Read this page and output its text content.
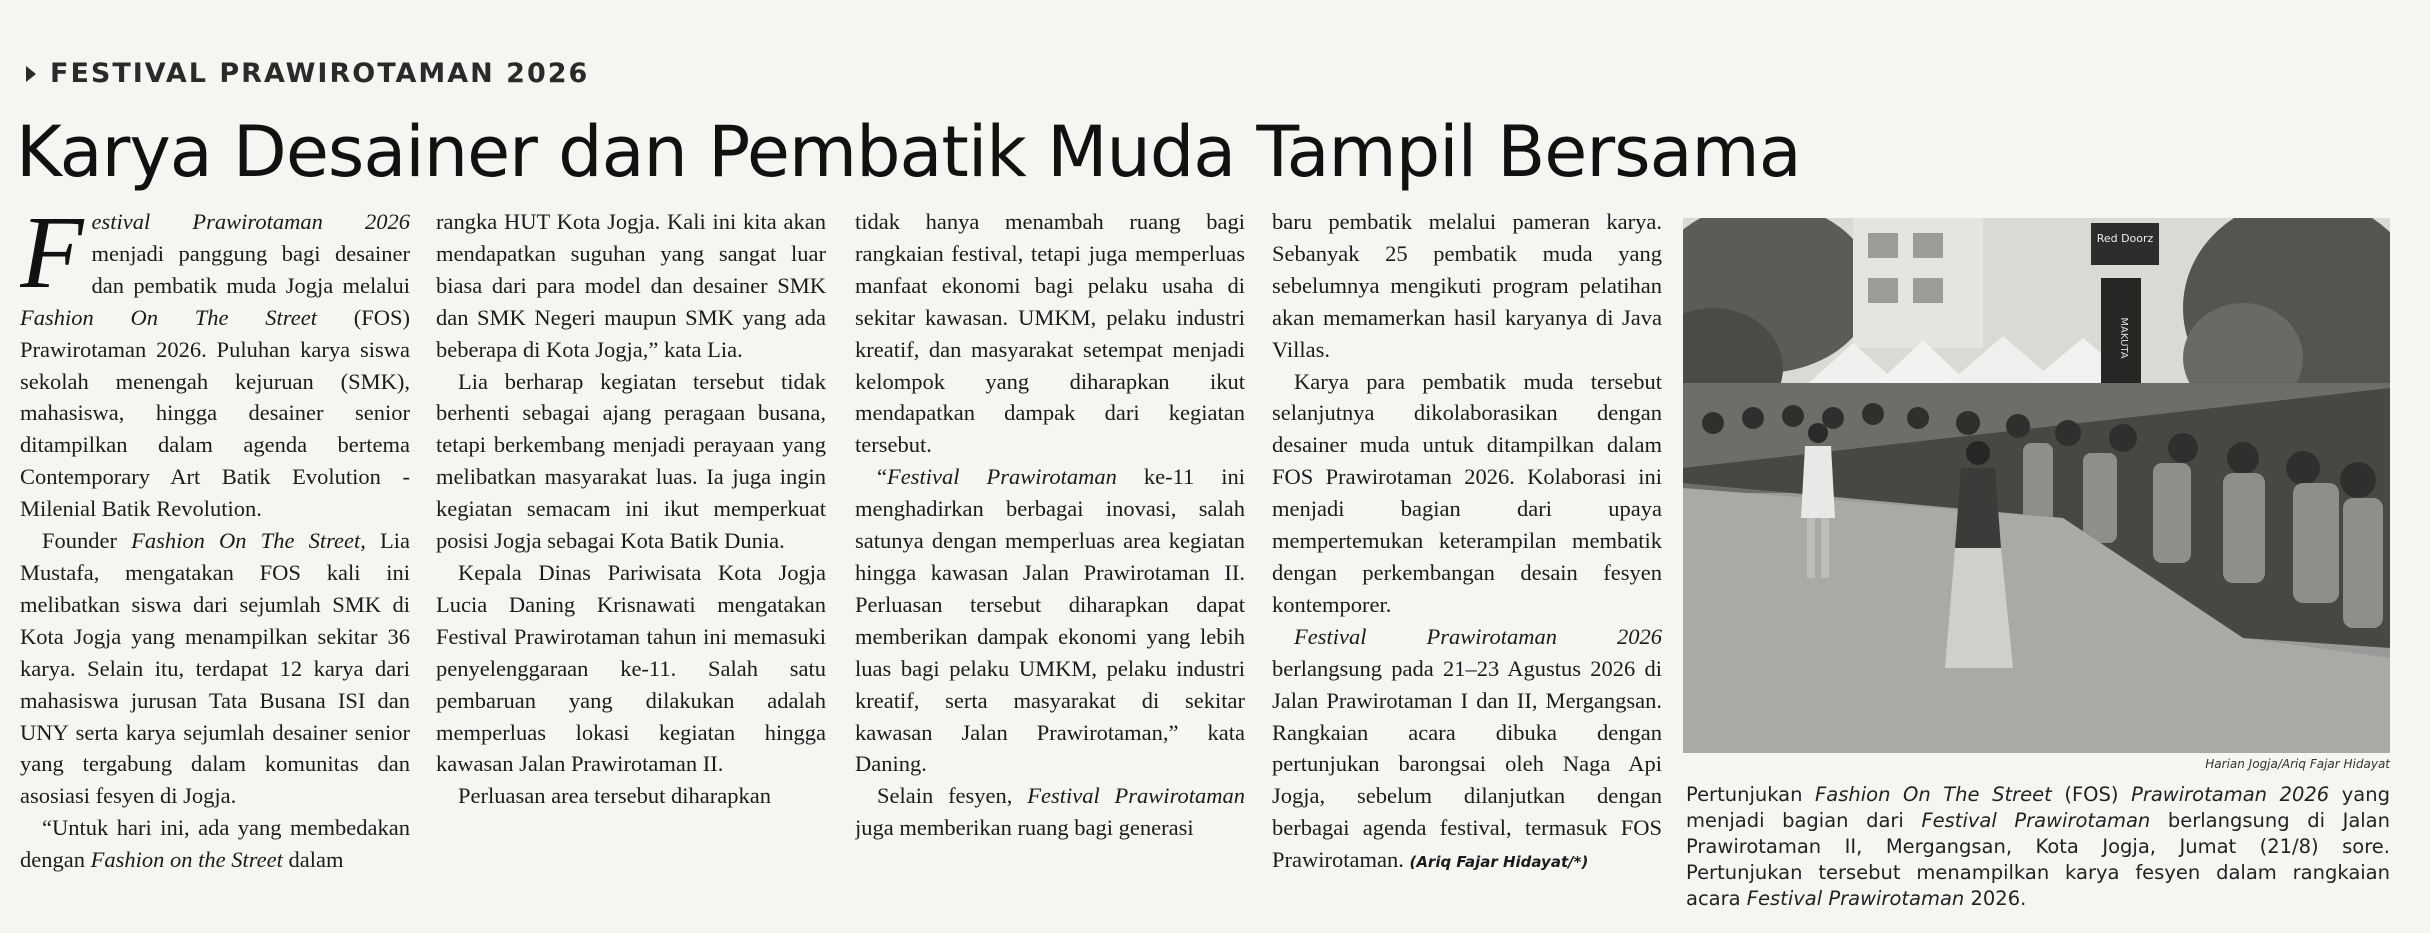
FESTIVAL PRAWIROTAMAN 2026
Karya Desainer dan Pembatik Muda Tampil Bersama

Festival Prawirotaman 2026 menjadi panggung bagi desainer dan pembatik muda Jogja melalui Fashion On The Street (FOS) Prawirotaman 2026. Puluhan karya siswa sekolah menengah kejuruan (SMK), mahasiswa, hingga desainer senior ditampilkan dalam agenda bertema Contemporary Art Batik Evolution - Milenial Batik Revolution.

Founder Fashion On The Street, Lia Mustafa, mengatakan FOS kali ini melibatkan siswa dari sejumlah SMK di Kota Jogja yang menampilkan sekitar 36 karya. Selain itu, terdapat 12 karya dari mahasiswa jurusan Tata Busana ISI dan UNY serta karya sejumlah desainer senior yang tergabung dalam komunitas dan asosiasi fesyen di Jogja.

“Untuk hari ini, ada yang membedakan dengan Fashion on the Street dalam

rangka HUT Kota Jogja. Kali ini kita akan mendapatkan suguhan yang sangat luar biasa dari para model dan desainer SMK dan SMK Negeri maupun SMK yang ada beberapa di Kota Jogja,” kata Lia.

Lia berharap kegiatan tersebut tidak berhenti sebagai ajang peragaan busana, tetapi berkembang menjadi perayaan yang melibatkan masyarakat luas. Ia juga ingin kegiatan semacam ini ikut memperkuat posisi Jogja sebagai Kota Batik Dunia.

Kepala Dinas Pariwisata Kota Jogja Lucia Daning Krisnawati mengatakan Festival Prawirotaman tahun ini memasuki penyelenggaraan ke-11. Salah satu pembaruan yang dilakukan adalah memperluas lokasi kegiatan hingga kawasan Jalan Prawirotaman II.

Perluasan area tersebut diharapkan

tidak hanya menambah ruang bagi rangkaian festival, tetapi juga memperluas manfaat ekonomi bagi pelaku usaha di sekitar kawasan. UMKM, pelaku industri kreatif, dan masyarakat setempat menjadi kelompok yang diharapkan ikut mendapatkan dampak dari kegiatan tersebut.

“Festival Prawirotaman ke-11 ini menghadirkan berbagai inovasi, salah satunya dengan memperluas area kegiatan hingga kawasan Jalan Prawirotaman II. Perluasan tersebut diharapkan dapat memberikan dampak ekonomi yang lebih luas bagi pelaku UMKM, pelaku industri kreatif, serta masyarakat di sekitar kawasan Jalan Prawirotaman,” kata Daning.

Selain fesyen, Festival Prawirotaman juga memberikan ruang bagi generasi

baru pembatik melalui pameran karya. Sebanyak 25 pembatik muda yang sebelumnya mengikuti program pelatihan akan memamerkan hasil karyanya di Java Villas.

Karya para pembatik muda tersebut selanjutnya dikolaborasikan dengan desainer muda untuk ditampilkan dalam FOS Prawirotaman 2026. Kolaborasi ini menjadi bagian dari upaya mempertemukan keterampilan membatik dengan perkembangan desain fesyen kontemporer.

Festival Prawirotaman 2026 berlangsung pada 21–23 Agustus 2026 di Jalan Prawirotaman I dan II, Mergangsan. Rangkaian acara dibuka dengan pertunjukan barongsai oleh Naga Api Jogja, sebelum dilanjutkan dengan berbagai agenda festival, termasuk FOS Prawirotaman. (Ariq Fajar Hidayat/*)

Red Doorz
MAKUTA
Harian Jogja/Ariq Fajar Hidayat

Pertunjukan Fashion On The Street (FOS) Prawirotaman 2026 yang menjadi bagian dari Festival Prawirotaman berlangsung di Jalan Prawirotaman II, Mergangsan, Kota Jogja, Jumat (21/8) sore. Pertunjukan tersebut menampilkan karya fesyen dalam rangkaian acara Festival Prawirotaman 2026.
